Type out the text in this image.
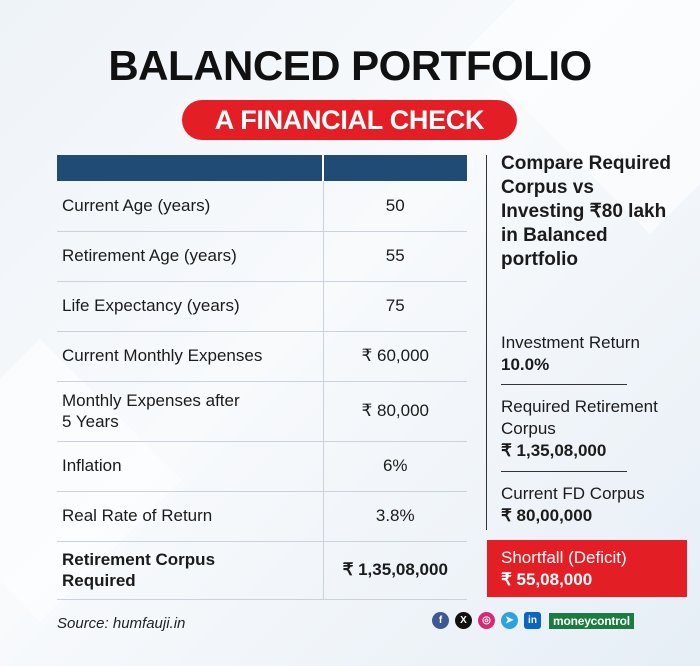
BALANCED PORTFOLIO
A FINANCIAL CHECK

Current Age (years)	50
Retirement Age (years)	55
Life Expectancy (years)	75
Current Monthly Expenses	₹ 60,000
Monthly Expenses after
5 Years	₹ 80,000
Inflation	6%
Real Rate of Return	3.8%
Retirement Corpus Required	₹ 1,35,08,000
Compare Required Corpus vs Investing ₹80 lakh in Balanced portfolio
Investment Return
10.0%
Required Retirement Corpus
₹ 1,35,08,000
Current FD Corpus
₹ 80,00,000
Shortfall (Deficit)
₹ 55,08,000
Source: humfauji.in	f	X	◎	➤	in	moneycontrol
